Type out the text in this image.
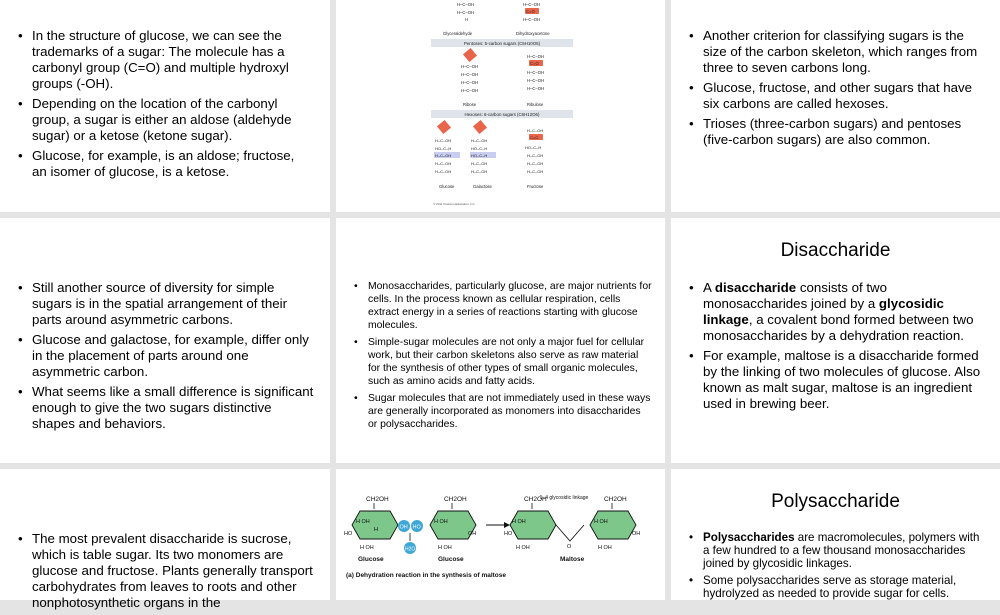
• In the structure of glucose, we can see the trademarks of a sugar: The molecule has a carbonyl group (C=O) and multiple hydroxyl groups (-OH).
• Depending on the location of the carbonyl group, a sugar is either an aldose (aldehyde sugar) or a ketose (ketone sugar).
• Glucose, for example, is an aldose; fructose, an isomer of glucose, is a ketose.
H–C–OH
H–C–OH
H
H–C–OH
C=O
H–C–OH
Glyceraldehyde	Dihydroxyacetone
Pentoses: 5-carbon sugars (C5H10O5)
H–C–OH
H–C–OH
H–C–OH
H–C–OH
H–C–OH
C=O
H–C–OH
H–C–OH
H–C–OH
Ribose	Ribulose
Hexoses: 6-carbon sugars (C6H12O6)
H–C–OH	H–C–OH
HO–C–H	HO–C–H
H–C–OH	HO–C–H
H–C–OH	H–C–OH
H–C–OH	H–C–OH
H–C–OH
C=O
HO–C–H
H–C–OH
H–C–OH
H–C–OH
Glucose	Galactose	Fructose
© 2011 Pearson Education, Inc.
• Another criterion for classifying sugars is the size of the carbon skeleton, which ranges from three to seven carbons long.
• Glucose, fructose, and other sugars that have six carbons are called hexoses.
• Trioses (three-carbon sugars) and pentoses (five-carbon sugars) are also common.
• Still another source of diversity for simple sugars is in the spatial arrangement of their parts around asymmetric carbons.
• Glucose and galactose, for example, differ only in the placement of parts around one asymmetric carbon.
• What seems like a small difference is significant enough to give the two sugars distinctive shapes and behaviors.
• Monosaccharides, particularly glucose, are major nutrients for cells. In the process known as cellular respiration, cells extract energy in a series of reactions starting with glucose molecules.
• Simple-sugar molecules are not only a major fuel for cellular work, but their carbon skeletons also serve as raw material for the synthesis of other types of small organic molecules, such as amino acids and fatty acids.
• Sugar molecules that are not immediately used in these ways are generally incorporated as monomers into disaccharides or polysaccharides.
Disaccharide
• A disaccharide consists of two monosaccharides joined by a glycosidic linkage, a covalent bond formed between two monosaccharides by a dehydration reaction.
• For example, maltose is a disaccharide formed by the linking of two molecules of glucose. Also known as malt sugar, maltose is an ingredient used in brewing beer.
• The most prevalent disaccharide is sucrose, which is table sugar. Its two monomers are glucose and fructose. Plants generally transport carbohydrates from leaves to roots and other nonphotosynthetic organs in the
CH2OH
H OH
H
HO
H OH
Glucose
OH HO
H2O
CH2OH
H OH
OH
H OH
Glucose
CH2OH
H OH
HO
H OH
1–4 glycosidic linkage
O
CH2OH
H OH
OH
H OH
Maltose
(a) Dehydration reaction in the synthesis of maltose
Polysaccharide
• Polysaccharides are macromolecules, polymers with a few hundred to a few thousand monosaccharides joined by glycosidic linkages.
• Some polysaccharides serve as storage material, hydrolyzed as needed to provide sugar for cells.
